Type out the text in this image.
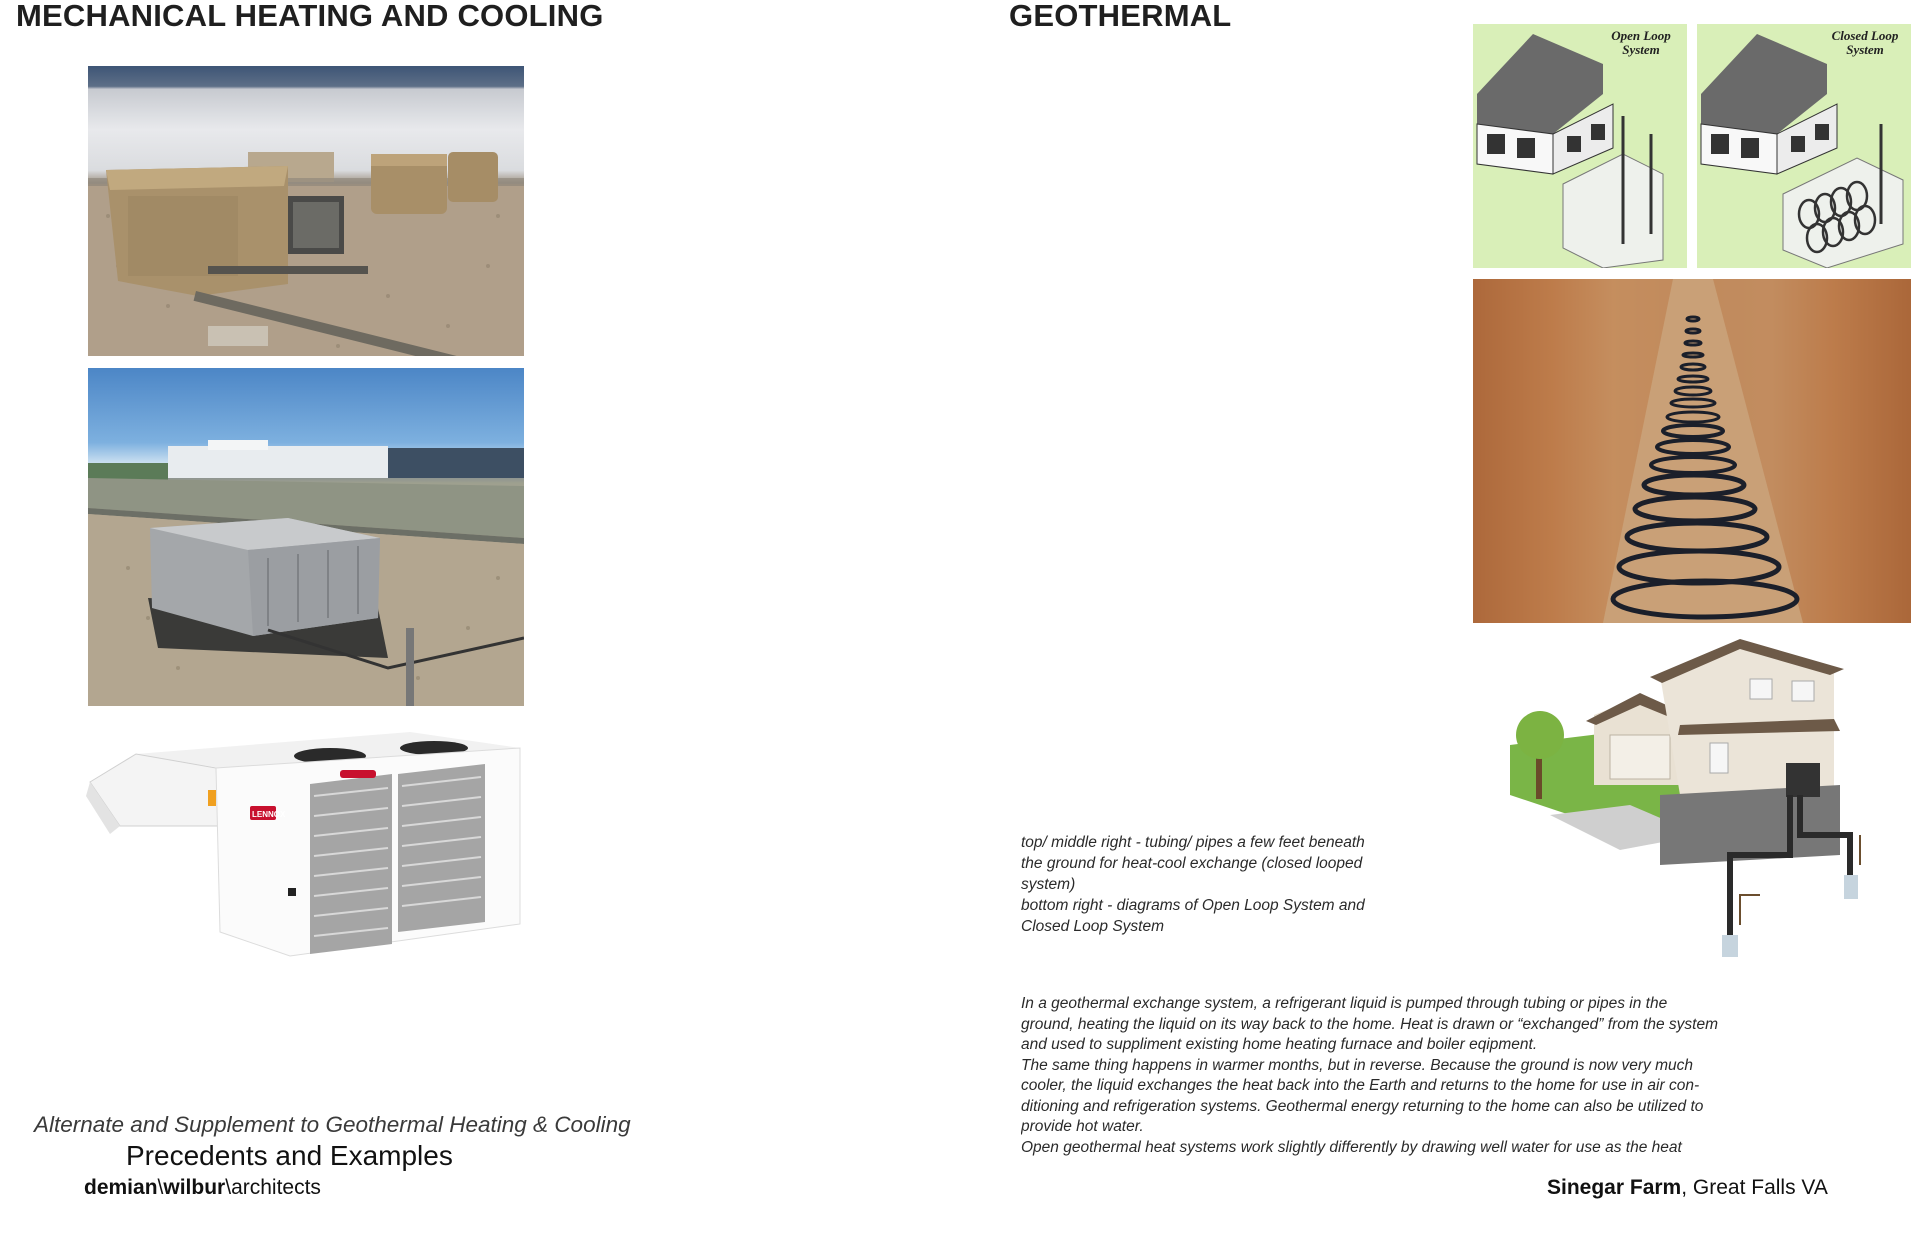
MECHANICAL HEATING AND COOLING
LENNOX

Alternate and Supplement to Geothermal Heating & Cooling

Precedents and Examples

demian\wilbur\architects
GEOTHERMAL
Open Loop
System
Closed Loop
System

top/ middle right - tubing/ pipes a few feet beneath

the ground for heat-cool exchange (closed looped

system)

bottom right - diagrams of Open Loop System and

Closed Loop System

In a geothermal exchange system, a refrigerant liquid is pumped through tubing or pipes in the

ground, heating the liquid on its way back to the home. Heat is drawn or “exchanged” from the system

and used to suppliment existing home heating furnace and boiler eqipment.

The same thing happens in warmer months, but in reverse. Because the ground is now very much

cooler, the liquid exchanges the heat back into the Earth and returns to the home for use in air con-

ditioning and refrigeration systems. Geothermal energy returning to the home can also be utilized to

provide hot water.

Open geothermal heat systems work slightly differently by drawing well water for use as the heat

Sinegar Farm, Great Falls VA
